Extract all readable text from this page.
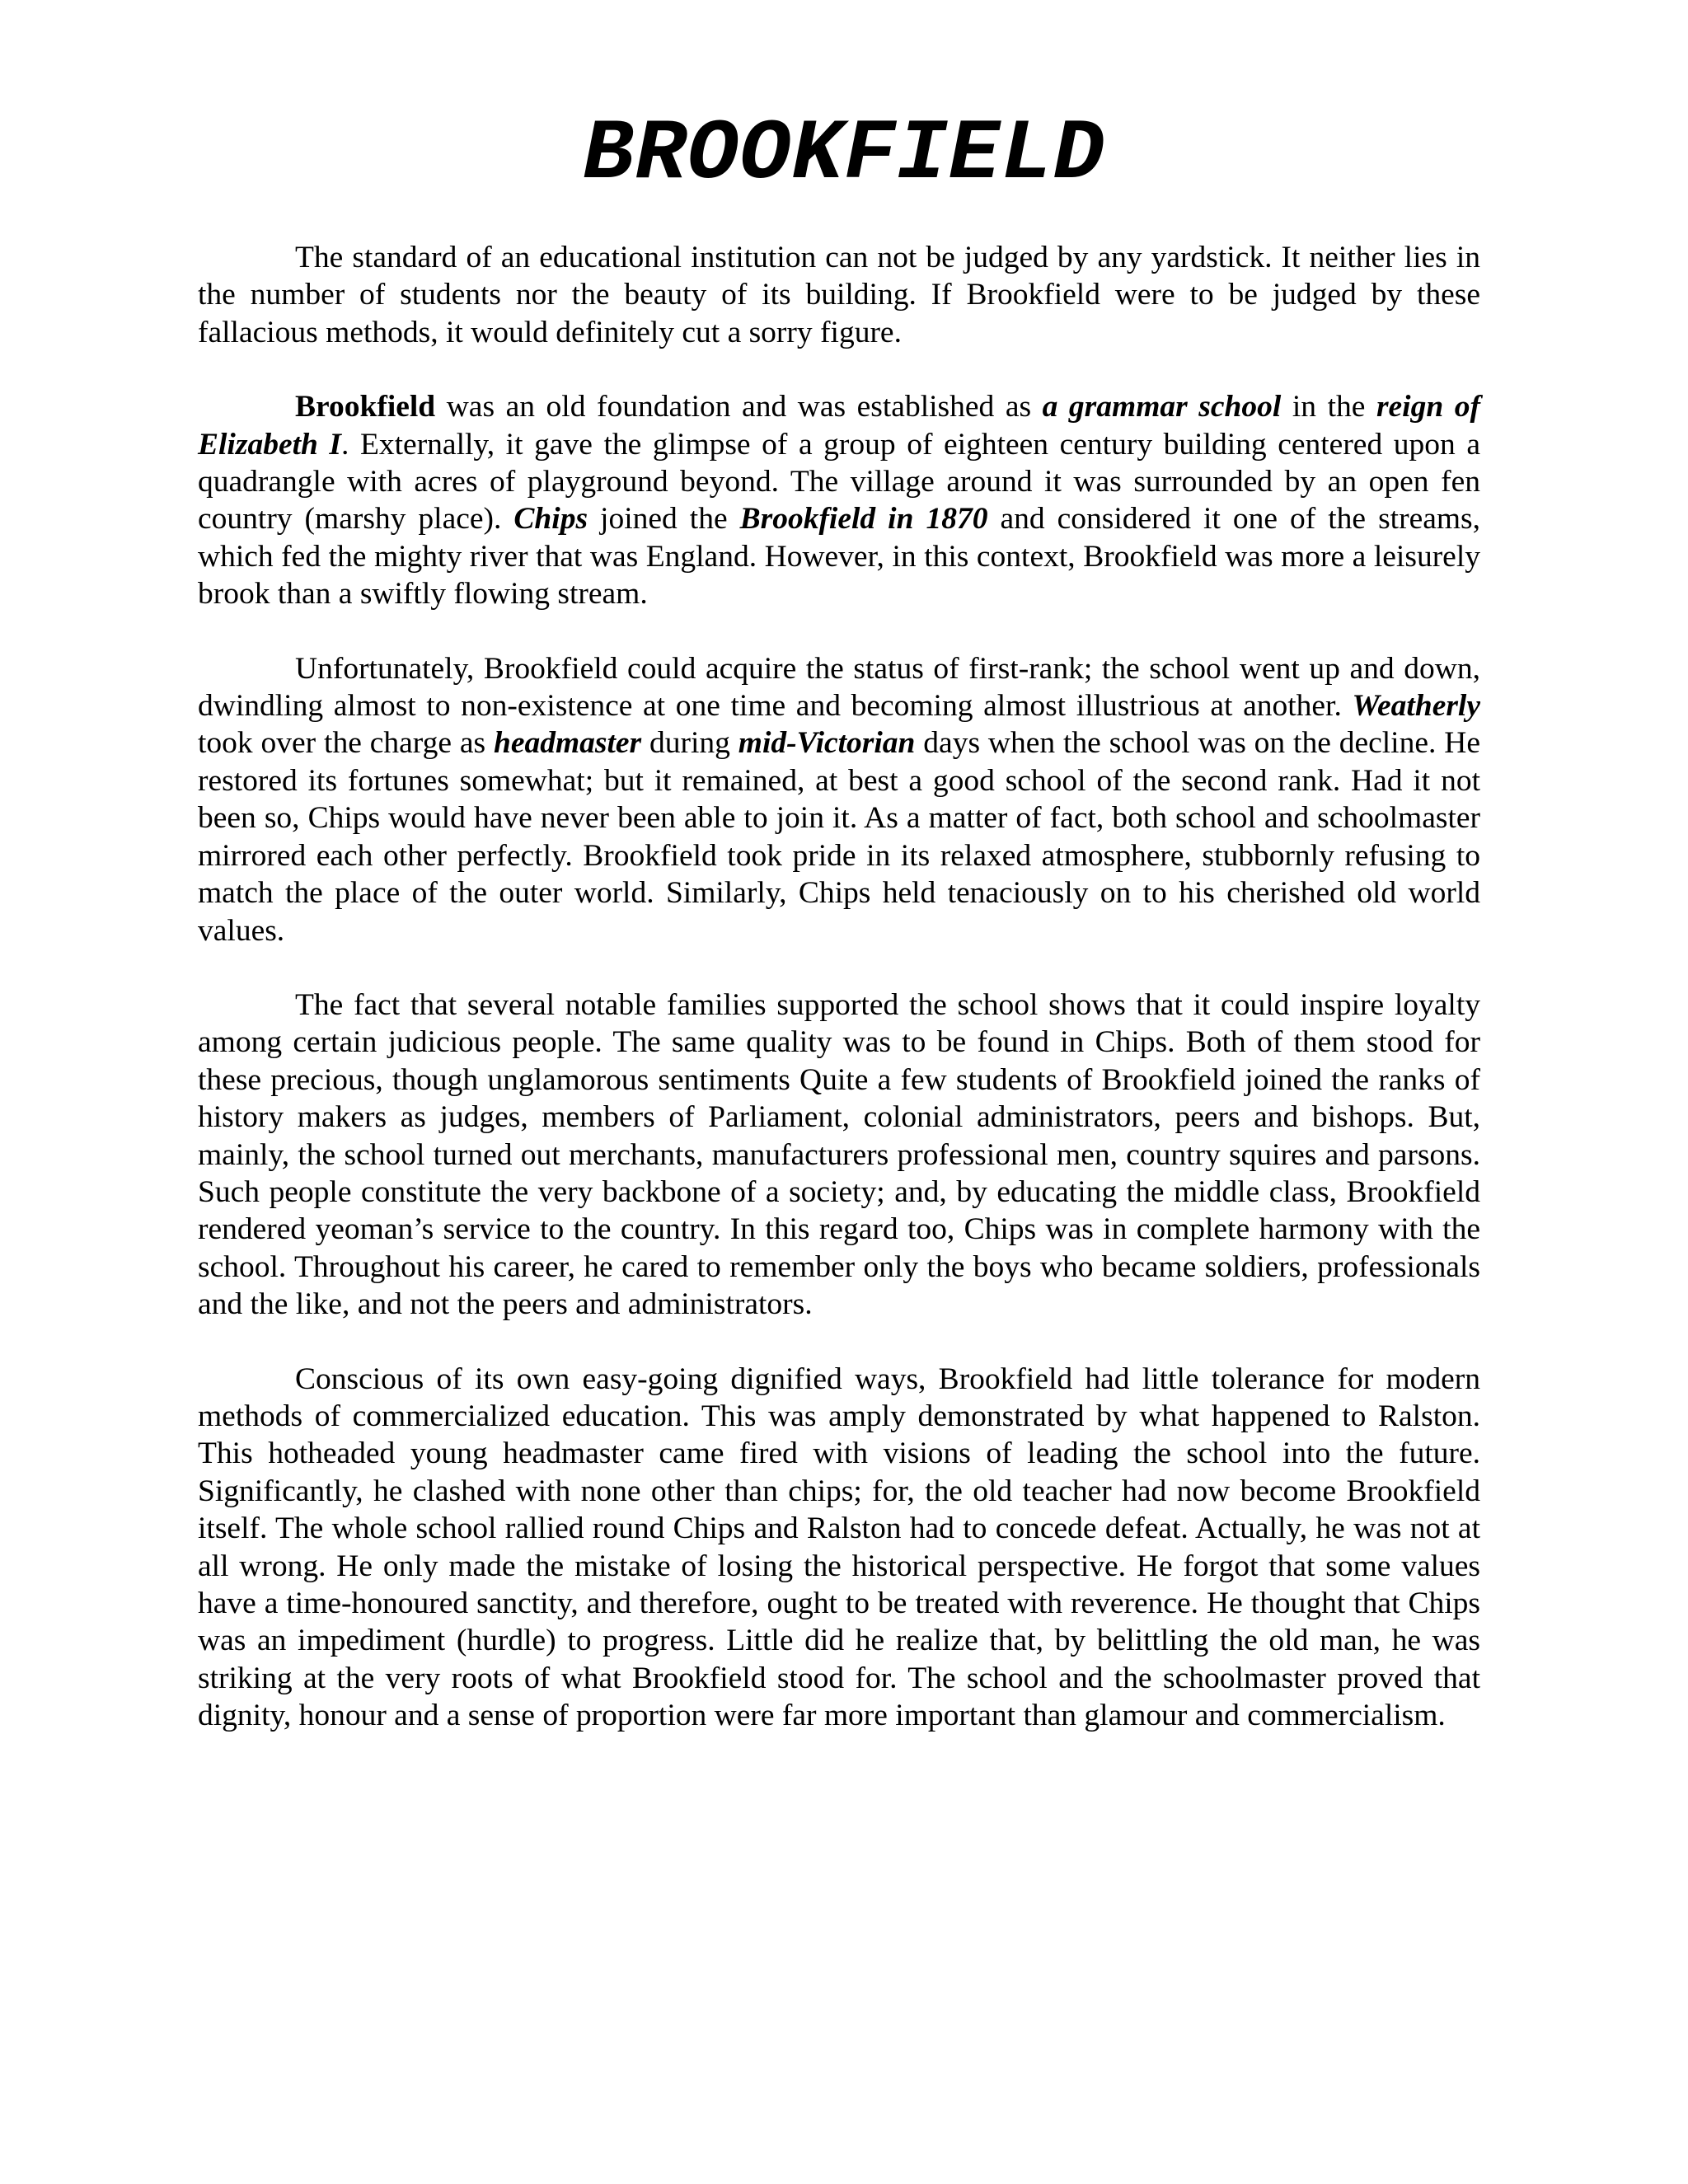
BROOKFIELD

The standard of an educational institution can not be judged by any yardstick. It neither lies in the number of students nor the beauty of its building. If Brookfield were to be judged by these fallacious methods, it would definitely cut a sorry figure.

Brookfield was an old foundation and was established as a grammar school in the reign of Elizabeth I. Externally, it gave the glimpse of a group of eighteen century building centered upon a quadrangle with acres of playground beyond. The village around it was surrounded by an open fen country (marshy place). Chips joined the Brookfield in 1870 and considered it one of the streams, which fed the mighty river that was England. However, in this context, Brookfield was more a leisurely brook than a swiftly flowing stream.

Unfortunately, Brookfield could acquire the status of first-rank; the school went up and down, dwindling almost to non-existence at one time and becoming almost illustrious at another. Weatherly took over the charge as headmaster during mid-Victorian days when the school was on the decline. He restored its fortunes somewhat; but it remained, at best a good school of the second rank. Had it not been so, Chips would have never been able to join it. As a matter of fact, both school and schoolmaster mirrored each other perfectly. Brookfield took pride in its relaxed atmosphere, stubbornly refusing to match the place of the outer world. Similarly, Chips held tenaciously on to his cherished old world values.

The fact that several notable families supported the school shows that it could inspire loyalty among certain judicious people. The same quality was to be found in Chips. Both of them stood for these precious, though unglamorous sentiments Quite a few students of Brookfield joined the ranks of history makers as judges, members of Parliament, colonial administrators, peers and bishops. But, mainly, the school turned out merchants, manufacturers professional men, country squires and parsons. Such people constitute the very backbone of a society; and, by educating the middle class, Brookfield rendered yeoman’s service to the country. In this regard too, Chips was in complete harmony with the school. Throughout his career, he cared to remember only the boys who became soldiers, professionals and the like, and not the peers and administrators.

Conscious of its own easy-going dignified ways, Brookfield had little tolerance for modern methods of commercialized education. This was amply demonstrated by what happened to Ralston. This hotheaded young headmaster came fired with visions of leading the school into the future. Significantly, he clashed with none other than chips; for, the old teacher had now become Brookfield itself. The whole school rallied round Chips and Ralston had to concede defeat. Actually, he was not at all wrong. He only made the mistake of losing the historical perspective. He forgot that some values have a time-honoured sanctity, and therefore, ought to be treated with reverence. He thought that Chips was an impediment (hurdle) to progress. Little did he realize that, by belittling the old man, he was striking at the very roots of what Brookfield stood for. The school and the schoolmaster proved that dignity, honour and a sense of proportion were far more important than glamour and commercialism.
